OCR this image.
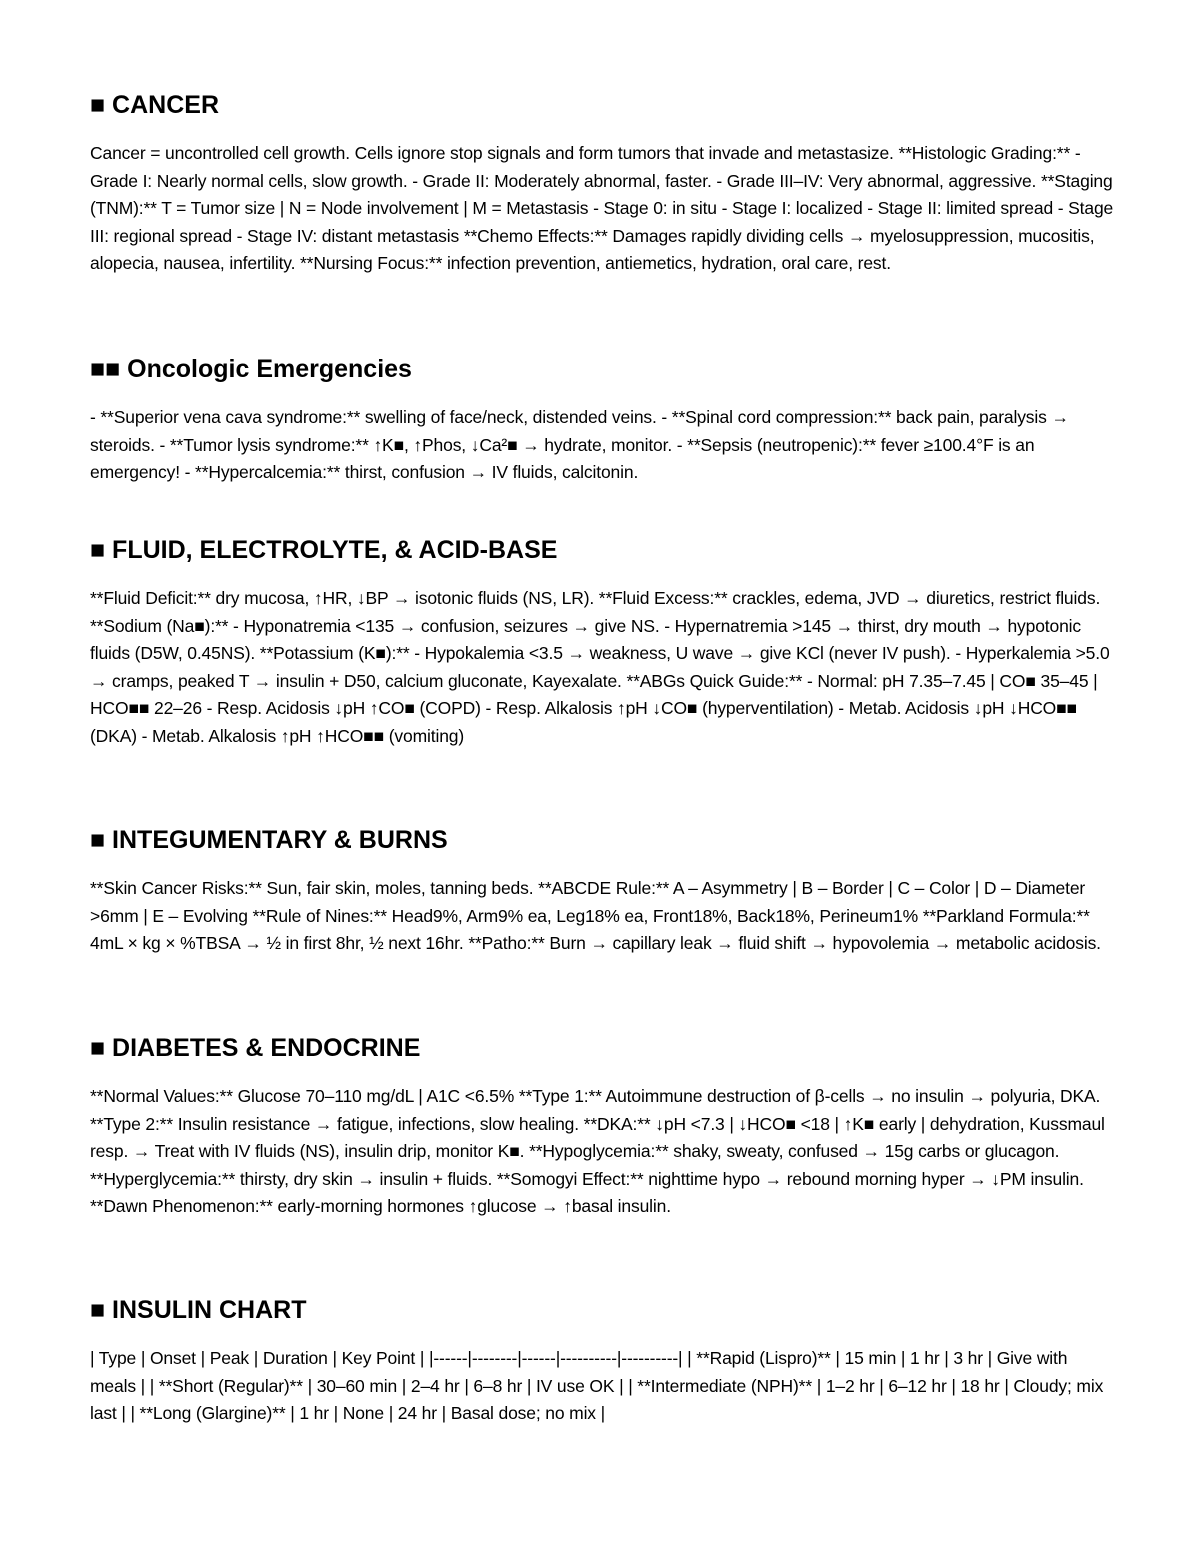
■ CANCER

Cancer = uncontrolled cell growth. Cells ignore stop signals and form tumors that invade and metastasize. **Histologic Grading:** - Grade I: Nearly normal cells, slow growth. - Grade II: Moderately abnormal, faster. - Grade III–IV: Very abnormal, aggressive. **Staging (TNM):** T = Tumor size | N = Node involvement | M = Metastasis - Stage 0: in situ - Stage I: localized - Stage II: limited spread - Stage III: regional spread - Stage IV: distant metastasis **Chemo Effects:** Damages rapidly dividing cells → myelosuppression, mucositis, alopecia, nausea, infertility. **Nursing Focus:** infection prevention, antiemetics, hydration, oral care, rest.

■■ Oncologic Emergencies

- **Superior vena cava syndrome:** swelling of face/neck, distended veins. - **Spinal cord compression:** back pain, paralysis → steroids. - **Tumor lysis syndrome:** ↑K■, ↑Phos, ↓Ca²■ → hydrate, monitor. - **Sepsis (neutropenic):** fever ≥100.4°F is an emergency! - **Hypercalcemia:** thirst, confusion → IV fluids, calcitonin.

■ FLUID, ELECTROLYTE, & ACID-BASE

**Fluid Deficit:** dry mucosa, ↑HR, ↓BP → isotonic fluids (NS, LR). **Fluid Excess:** crackles, edema, JVD → diuretics, restrict fluids. **Sodium (Na■):** - Hyponatremia <135 → confusion, seizures → give NS. - Hypernatremia >145 → thirst, dry mouth → hypotonic fluids (D5W, 0.45NS). **Potassium (K■):** - Hypokalemia <3.5 → weakness, U wave → give KCl (never IV push). - Hyperkalemia >5.0 → cramps, peaked T → insulin + D50, calcium gluconate, Kayexalate. **ABGs Quick Guide:** - Normal: pH 7.35–7.45 | CO■ 35–45 | HCO■■ 22–26 - Resp. Acidosis ↓pH ↑CO■ (COPD) - Resp. Alkalosis ↑pH ↓CO■ (hyperventilation) - Metab. Acidosis ↓pH ↓HCO■■ (DKA) - Metab. Alkalosis ↑pH ↑HCO■■ (vomiting)

■ INTEGUMENTARY & BURNS

**Skin Cancer Risks:** Sun, fair skin, moles, tanning beds. **ABCDE Rule:** A – Asymmetry | B – Border | C – Color | D – Diameter >6mm | E – Evolving **Rule of Nines:** Head9%, Arm9% ea, Leg18% ea, Front18%, Back18%, Perineum1% **Parkland Formula:** 4mL × kg × %TBSA → ½ in first 8hr, ½ next 16hr. **Patho:** Burn → capillary leak → fluid shift → hypovolemia → metabolic acidosis.

■ DIABETES & ENDOCRINE

**Normal Values:** Glucose 70–110 mg/dL | A1C <6.5% **Type 1:** Autoimmune destruction of β-cells → no insulin → polyuria, DKA. **Type 2:** Insulin resistance → fatigue, infections, slow healing. **DKA:** ↓pH <7.3 | ↓HCO■ <18 | ↑K■ early | dehydration, Kussmaul resp. → Treat with IV fluids (NS), insulin drip, monitor K■. **Hypoglycemia:** shaky, sweaty, confused → 15g carbs or glucagon. **Hyperglycemia:** thirsty, dry skin → insulin + fluids. **Somogyi Effect:** nighttime hypo → rebound morning hyper → ↓PM insulin. **Dawn Phenomenon:** early-morning hormones ↑glucose → ↑basal insulin.

■ INSULIN CHART

| Type | Onset | Peak | Duration | Key Point | |------|--------|------|----------|----------| | **Rapid (Lispro)** | 15 min | 1 hr | 3 hr | Give with meals | | **Short (Regular)** | 30–60 min | 2–4 hr | 6–8 hr | IV use OK | | **Intermediate (NPH)** | 1–2 hr | 6–12 hr | 18 hr | Cloudy; mix last | | **Long (Glargine)** | 1 hr | None | 24 hr | Basal dose; no mix |
